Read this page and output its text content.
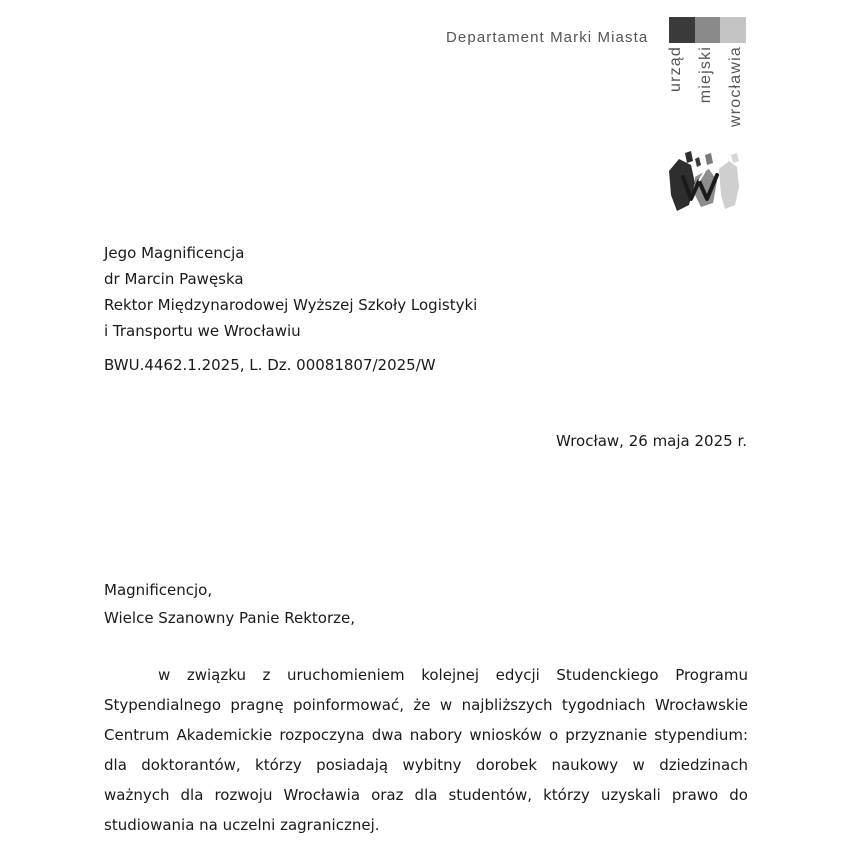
Departament Marki Miasta
urząd miejski wrocławia
Jego Magnificencja
dr Marcin Pawęska
Rektor Międzynarodowej Wyższej Szkoły Logistyki
i Transportu we Wrocławiu
BWU.4462.1.2025, L. Dz. 00081807/2025/W
Wrocław, 26 maja 2025 r.
Magnificencjo,
Wielce Szanowny Panie Rektorze,
w związku z uruchomieniem kolejnej edycji Studenckiego Programu
Stypendialnego pragnę poinformować, że w najbliższych tygodniach Wrocławskie
Centrum Akademickie rozpoczyna dwa nabory wniosków o przyznanie stypendium:
dla doktorantów, którzy posiadają wybitny dorobek naukowy w dziedzinach
ważnych dla rozwoju Wrocławia oraz dla studentów, którzy uzyskali prawo do
studiowania na uczelni zagranicznej.
